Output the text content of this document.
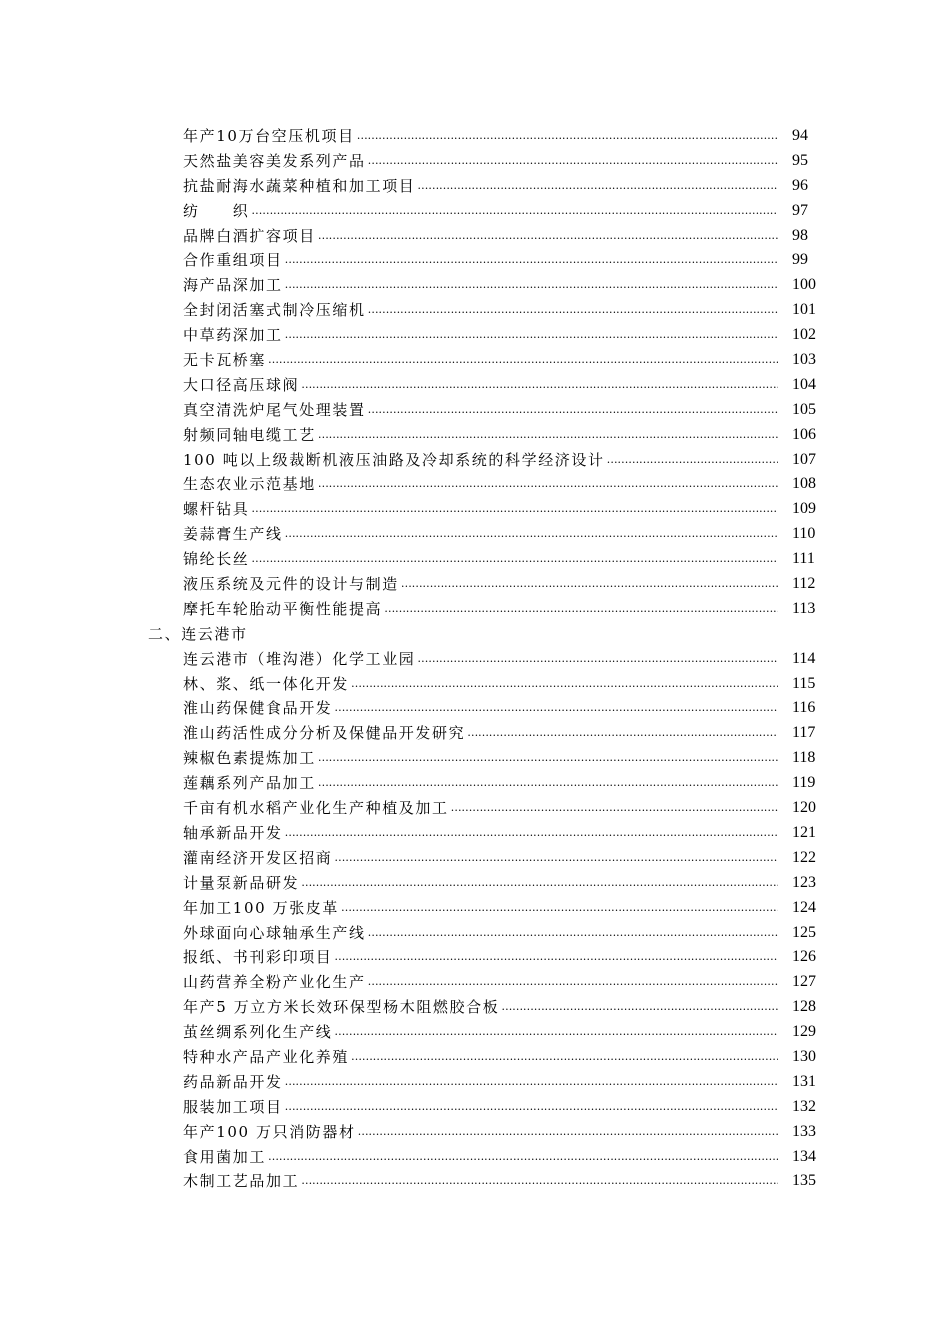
年产10万台空压机项目 …………………………………………………………………………………………………………………………………………………………………………………………………	94
天然盐美容美发系列产品 …………………………………………………………………………………………………………………………………………………………………………………………………	95
抗盐耐海水蔬菜种植和加工项目 …………………………………………………………………………………………………………………………………………………………………………………………………	96
纺　　织 …………………………………………………………………………………………………………………………………………………………………………………………………	97
品牌白酒扩容项目 …………………………………………………………………………………………………………………………………………………………………………………………………	98
合作重组项目 …………………………………………………………………………………………………………………………………………………………………………………………………	99
海产品深加工 …………………………………………………………………………………………………………………………………………………………………………………………………	100
全封闭活塞式制冷压缩机 …………………………………………………………………………………………………………………………………………………………………………………………………	101
中草药深加工 …………………………………………………………………………………………………………………………………………………………………………………………………	102
无卡瓦桥塞 …………………………………………………………………………………………………………………………………………………………………………………………………	103
大口径高压球阀 …………………………………………………………………………………………………………………………………………………………………………………………………	104
真空清洗炉尾气处理装置 …………………………………………………………………………………………………………………………………………………………………………………………………	105
射频同轴电缆工艺 …………………………………………………………………………………………………………………………………………………………………………………………………	106
100 吨以上级裁断机液压油路及冷却系统的科学经济设计 …………………………………………………………………………………………………………………………………………………………………………………………………	107
生态农业示范基地 …………………………………………………………………………………………………………………………………………………………………………………………………	108
螺杆钻具 …………………………………………………………………………………………………………………………………………………………………………………………………	109
姜蒜膏生产线 …………………………………………………………………………………………………………………………………………………………………………………………………	110
锦纶长丝 …………………………………………………………………………………………………………………………………………………………………………………………………	111
液压系统及元件的设计与制造 …………………………………………………………………………………………………………………………………………………………………………………………………	112
摩托车轮胎动平衡性能提高 …………………………………………………………………………………………………………………………………………………………………………………………………	113
二、连云港市
连云港市（堆沟港）化学工业园 …………………………………………………………………………………………………………………………………………………………………………………………………	114
林、浆、纸一体化开发 …………………………………………………………………………………………………………………………………………………………………………………………………	115
淮山药保健食品开发 …………………………………………………………………………………………………………………………………………………………………………………………………	116
淮山药活性成分分析及保健品开发研究 …………………………………………………………………………………………………………………………………………………………………………………………………	117
辣椒色素提炼加工 …………………………………………………………………………………………………………………………………………………………………………………………………	118
莲藕系列产品加工 …………………………………………………………………………………………………………………………………………………………………………………………………	119
千亩有机水稻产业化生产种植及加工 …………………………………………………………………………………………………………………………………………………………………………………………………	120
轴承新品开发 …………………………………………………………………………………………………………………………………………………………………………………………………	121
灌南经济开发区招商 …………………………………………………………………………………………………………………………………………………………………………………………………	122
计量泵新品研发 …………………………………………………………………………………………………………………………………………………………………………………………………	123
年加工100 万张皮革 …………………………………………………………………………………………………………………………………………………………………………………………………	124
外球面向心球轴承生产线 …………………………………………………………………………………………………………………………………………………………………………………………………	125
报纸、书刊彩印项目 …………………………………………………………………………………………………………………………………………………………………………………………………	126
山药营养全粉产业化生产 …………………………………………………………………………………………………………………………………………………………………………………………………	127
年产5 万立方米长效环保型杨木阻燃胶合板 …………………………………………………………………………………………………………………………………………………………………………………………………	128
茧丝绸系列化生产线 …………………………………………………………………………………………………………………………………………………………………………………………………	129
特种水产品产业化养殖 …………………………………………………………………………………………………………………………………………………………………………………………………	130
药品新品开发 …………………………………………………………………………………………………………………………………………………………………………………………………	131
服装加工项目 …………………………………………………………………………………………………………………………………………………………………………………………………	132
年产100 万只消防器材 …………………………………………………………………………………………………………………………………………………………………………………………………	133
食用菌加工 …………………………………………………………………………………………………………………………………………………………………………………………………	134
木制工艺品加工 …………………………………………………………………………………………………………………………………………………………………………………………………	135
